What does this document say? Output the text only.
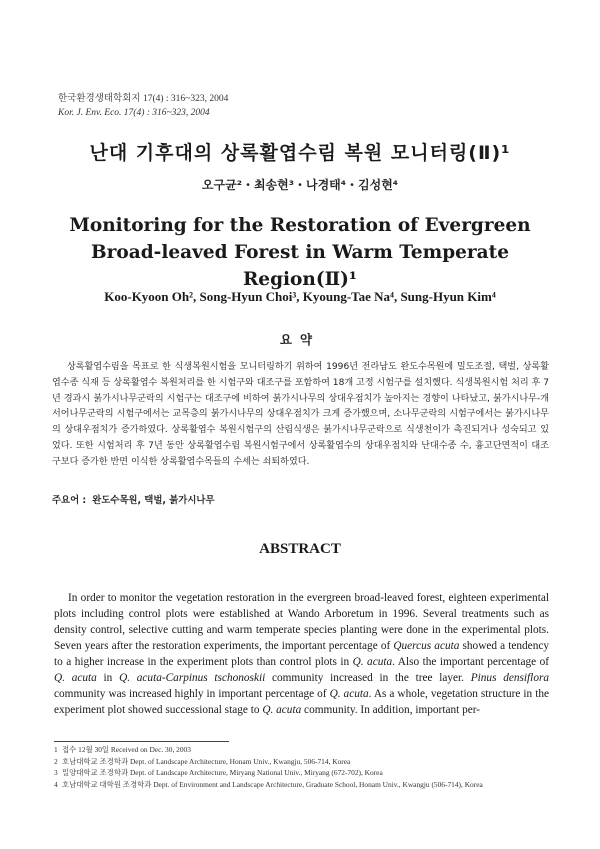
한국환경생태학회지 17(4) : 316~323, 2004
Kor. J. Env. Eco. 17(4) : 316~323, 2004
난대 기후대의 상록활엽수림 복원 모니터링(Ⅱ)¹
오구균²・최송현³・나경태⁴・김성현⁴
Monitoring for the Restoration of Evergreen Broad-leaved Forest in Warm Temperate Region(Ⅱ)¹
Koo-Kyoon Oh², Song-Hyun Choi³, Kyoung-Tae Na⁴, Sung-Hyun Kim⁴
요약

상록활엽수림을 목표로 한 식생복원시험을 모니터링하기 위하여 1996년 전라남도 완도수목원에 밀도조절, 택벌, 상록활엽수종 식재 등 상록활엽수 복원처리를 한 시험구와 대조구를 포함하여 18개 고정 시험구를 설치했다. 식생복원시험 처리 후 7년 경과시 붉가시나무군락의 시험구는 대조구에 비하여 붉가시나무의 상대우점치가 높아지는 경향이 나타났고, 붉가시나무-개서어나무군락의 시험구에서는 교목층의 붉가시나무의 상대우점치가 크게 증가했으며, 소나무군락의 시험구에서는 붉가시나무의 상대우점치가 증가하였다. 상록활엽수 복원시험구의 산림식생은 붉가시나무군락으로 식생천이가 촉진되거나 성숙되고 있었다. 또한 시험처리 후 7년 동안 상록활엽수림 복원시험구에서 상록활엽수의 상대우점치와 난대수종 수, 흉고단면적이 대조구보다 증가한 반면 이식한 상록활엽수목들의 수세는 쇠퇴하였다.

주요어 : 완도수목원, 택벌, 붉가시나무
ABSTRACT

In order to monitor the vegetation restoration in the evergreen broad-leaved forest, eighteen experimental plots including control plots were established at Wando Arboretum in 1996. Several treatments such as density control, selective cutting and warm temperate species planting were done in the experimental plots. Seven years after the restoration experiments, the important percentage of Quercus acuta showed a tendency to a higher increase in the experiment plots than control plots in Q. acuta. Also the important percentage of Q. acuta in Q. acuta-Carpinus tschonoskii community increased in the tree layer. Pinus densiflora community was increased highly in important percentage of Q. acuta. As a whole, vegetation structure in the experiment plot showed successional stage to Q. acuta community. In addition, important per-

1 접수 12월 30일 Received on Dec. 30, 2003
2 호남대학교 조경학과 Dept. of Landscape Architecture, Honam Univ., Kwangju, 506-714, Korea
3 밀양대학교 조경학과 Dept. of Landscape Architecture, Miryang National Univ., Miryang (672-702), Korea
4 호남대학교 대학원 조경학과 Dept. of Environment and Landscape Architecture, Graduate School, Honam Univ., Kwangju (506-714), Korea
